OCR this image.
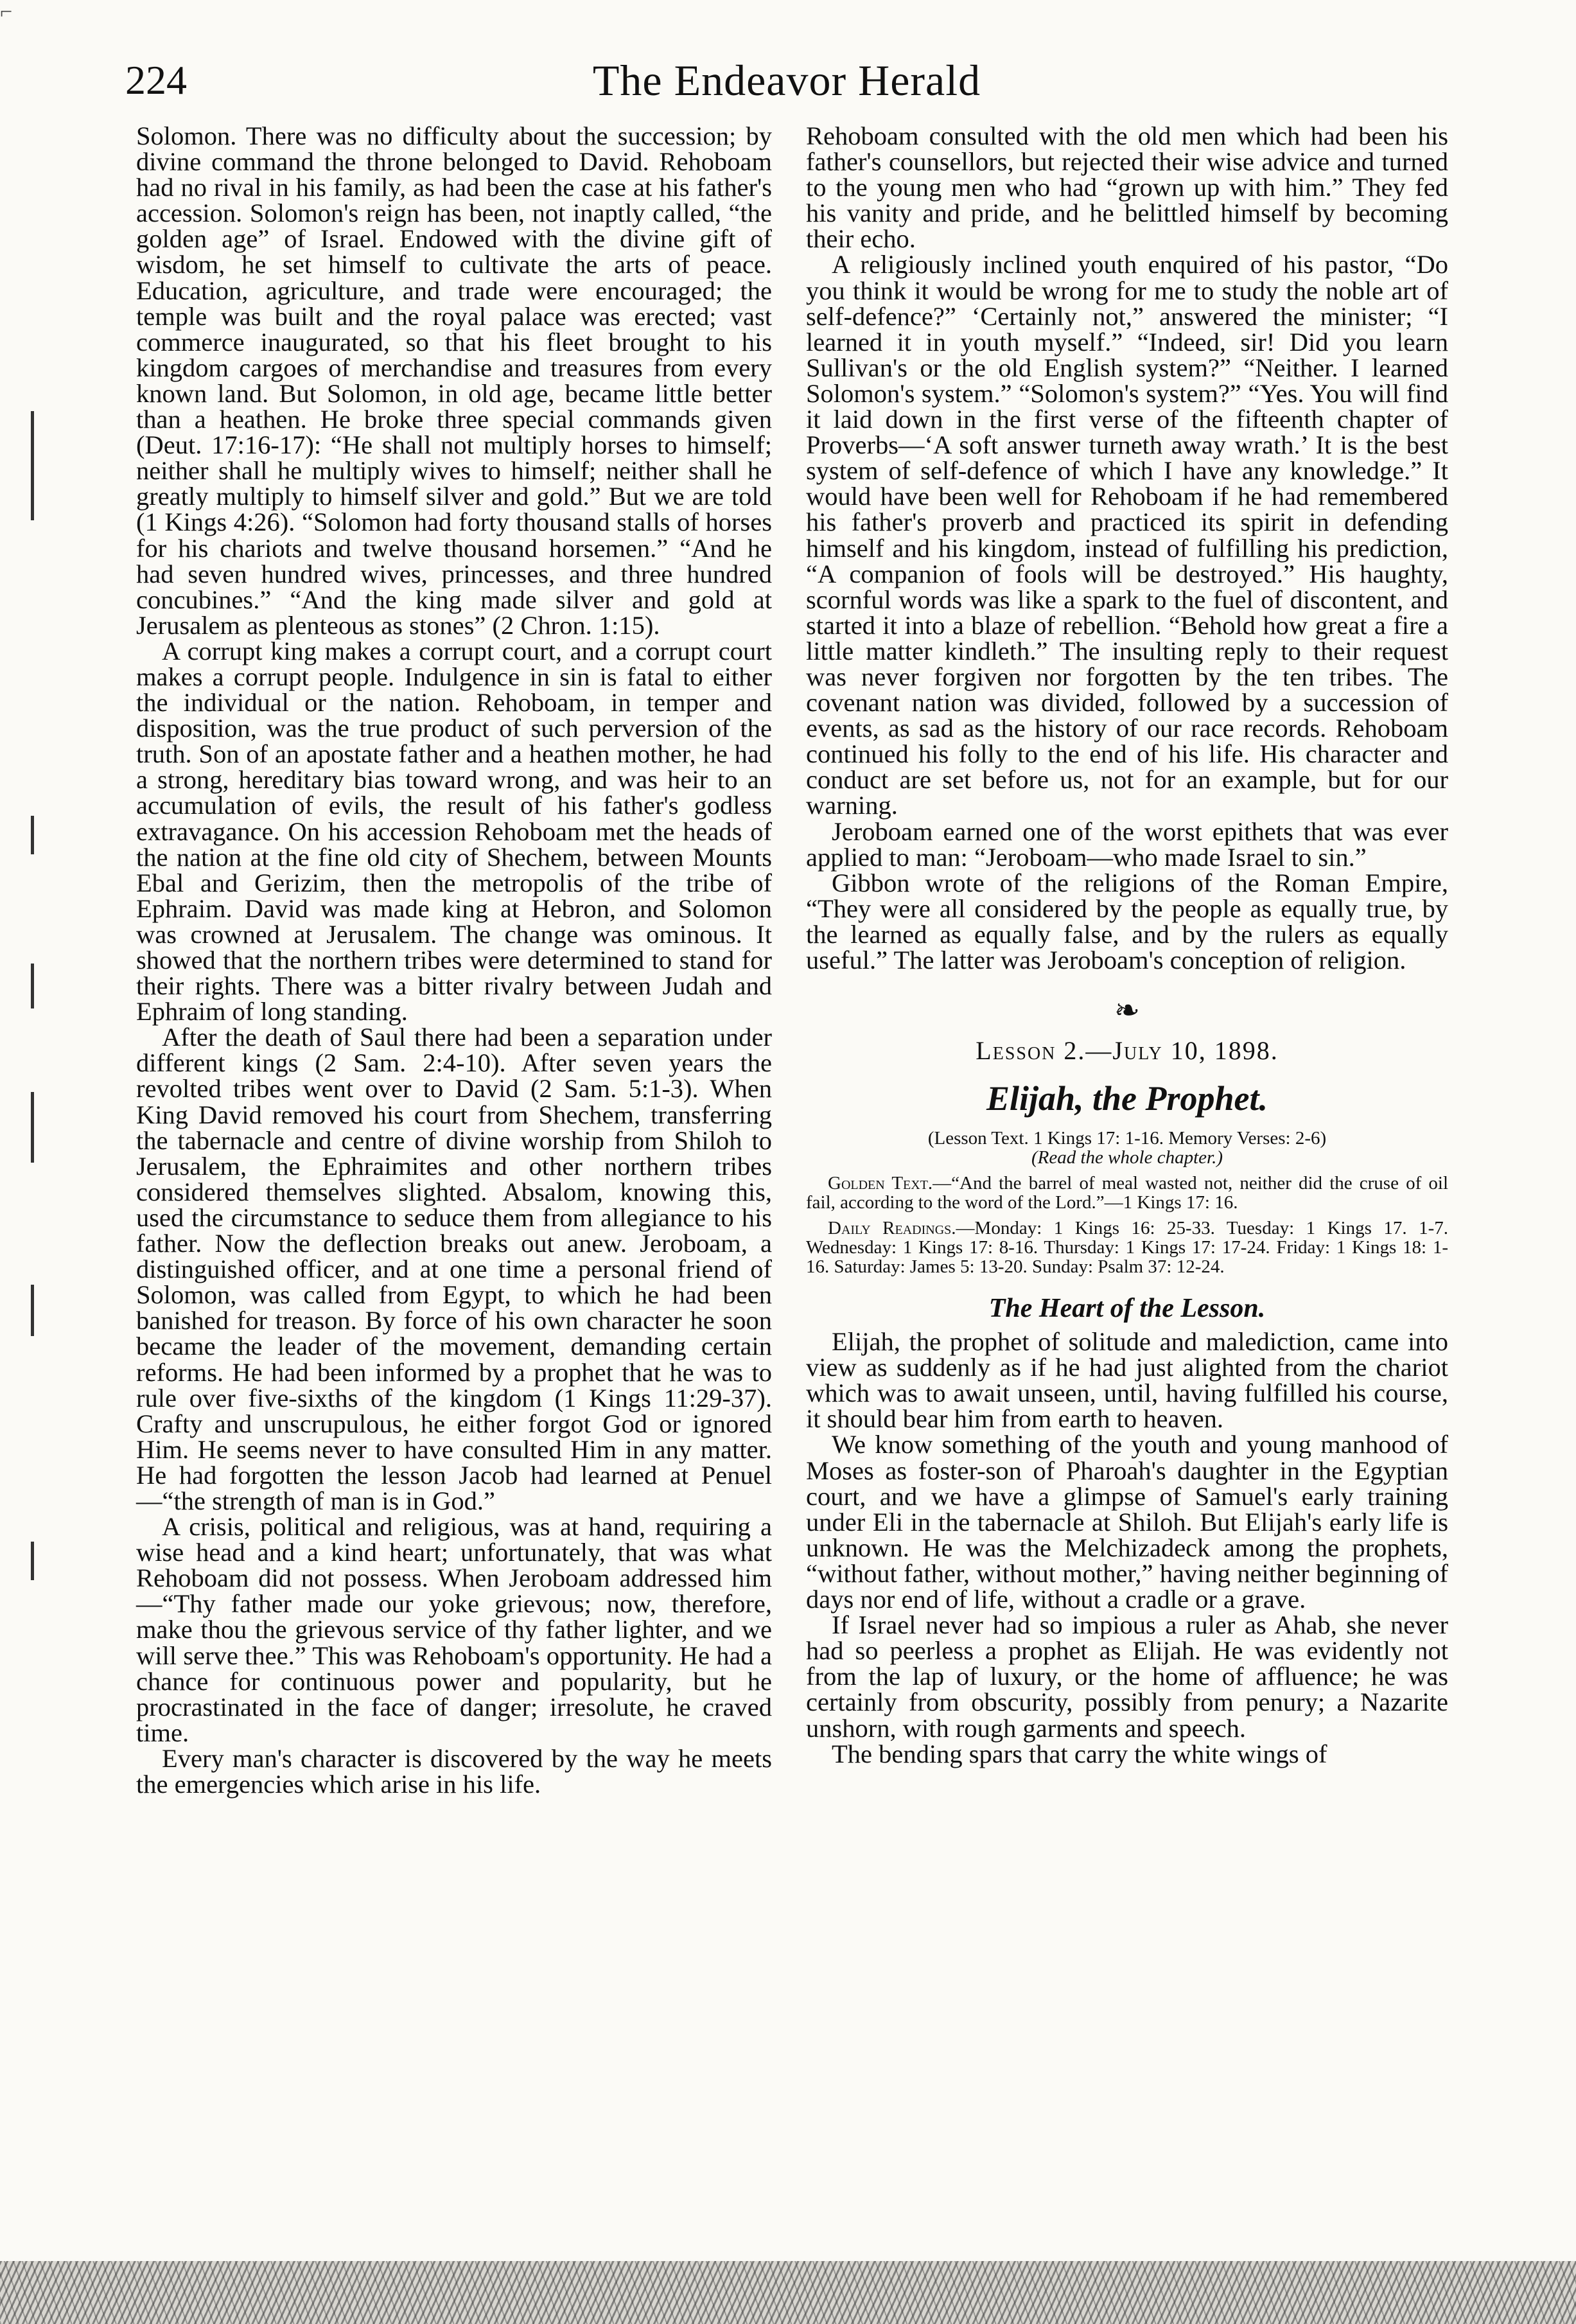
⌐
224	The Endeavor Herald

Solomon. There was no difficulty about the succession; by divine command the throne belonged to David. Rehoboam had no rival in his family, as had been the case at his father's accession. Solomon's reign has been, not inaptly called, “the golden age” of Israel. Endowed with the divine gift of wisdom, he set himself to cultivate the arts of peace. Education, agriculture, and trade were encouraged; the temple was built and the royal palace was erected; vast commerce inaugurated, so that his fleet brought to his kingdom cargoes of merchandise and treasures from every known land. But Solomon, in old age, became little better than a heathen. He broke three special commands given (Deut. 17:16-17): “He shall not multiply horses to himself; neither shall he multiply wives to himself; neither shall he greatly multiply to himself silver and gold.” But we are told (1 Kings 4:26). “Solomon had forty thousand stalls of horses for his chariots and twelve thousand horsemen.” “And he had seven hundred wives, princesses, and three hundred concubines.” “And the king made silver and gold at Jerusalem as plenteous as stones” (2 Chron. 1:15).

A corrupt king makes a corrupt court, and a corrupt court makes a corrupt people. Indulgence in sin is fatal to either the individual or the nation. Rehoboam, in temper and disposition, was the true product of such perversion of the truth. Son of an apostate father and a heathen mother, he had a strong, hereditary bias toward wrong, and was heir to an accumulation of evils, the result of his father's godless extravagance. On his accession Rehoboam met the heads of the nation at the fine old city of Shechem, between Mounts Ebal and Gerizim, then the metropolis of the tribe of Ephraim. David was made king at Hebron, and Solomon was crowned at Jerusalem. The change was ominous. It showed that the northern tribes were determined to stand for their rights. There was a bitter rivalry between Judah and Ephraim of long standing.

After the death of Saul there had been a separation under different kings (2 Sam. 2:4-10). After seven years the revolted tribes went over to David (2 Sam. 5:1-3). When King David removed his court from Shechem, transferring the tabernacle and centre of divine worship from Shiloh to Jerusalem, the Ephraimites and other northern tribes considered themselves slighted. Absalom, knowing this, used the circumstance to seduce them from allegiance to his father. Now the deflection breaks out anew. Jeroboam, a distinguished officer, and at one time a personal friend of Solomon, was called from Egypt, to which he had been banished for treason. By force of his own character he soon became the leader of the movement, demanding certain reforms. He had been informed by a prophet that he was to rule over five-sixths of the kingdom (1 Kings 11:29-37). Crafty and unscrupulous, he either forgot God or ignored Him. He seems never to have consulted Him in any matter. He had forgotten the lesson Jacob had learned at Penuel—“the strength of man is in God.”

A crisis, political and religious, was at hand, requiring a wise head and a kind heart; unfortunately, that was what Rehoboam did not possess. When Jeroboam addressed him—“Thy father made our yoke grievous; now, therefore, make thou the grievous service of thy father lighter, and we will serve thee.” This was Rehoboam's opportunity. He had a chance for continuous power and popularity, but he procrastinated in the face of danger; irresolute, he craved time.

Every man's character is discovered by the way he meets the emergencies which arise in his life.

Rehoboam consulted with the old men which had been his father's counsellors, but rejected their wise advice and turned to the young men who had “grown up with him.” They fed his vanity and pride, and he belittled himself by becoming their echo.

A religiously inclined youth enquired of his pastor, “Do you think it would be wrong for me to study the noble art of self-defence?” ‘Certainly not,” answered the minister; “I learned it in youth myself.” “Indeed, sir! Did you learn Sullivan's or the old English system?” “Neither. I learned Solomon's system.” “Solomon's system?” “Yes. You will find it laid down in the first verse of the fifteenth chapter of Proverbs—‘A soft answer turneth away wrath.’ It is the best system of self-defence of which I have any knowledge.” It would have been well for Rehoboam if he had remembered his father's proverb and practiced its spirit in defending himself and his kingdom, instead of fulfilling his prediction, “A companion of fools will be destroyed.” His haughty, scornful words was like a spark to the fuel of discontent, and started it into a blaze of rebellion. “Behold how great a fire a little matter kindleth.” The insulting reply to their request was never forgiven nor forgotten by the ten tribes. The covenant nation was divided, followed by a succession of events, as sad as the history of our race records. Rehoboam continued his folly to the end of his life. His character and conduct are set before us, not for an example, but for our warning.

Jeroboam earned one of the worst epithets that was ever applied to man: “Jeroboam—who made Israel to sin.”

Gibbon wrote of the religions of the Roman Empire, “They were all considered by the people as equally true, by the learned as equally false, and by the rulers as equally useful.” The latter was Jeroboam's conception of religion.

❧
Lesson 2.—July 10, 1898.
Elijah, the Prophet.
(Lesson Text. 1 Kings 17: 1-16. Memory Verses: 2-6)
(Read the whole chapter.)
Golden Text.—“And the barrel of meal wasted not, neither did the cruse of oil fail, according to the word of the Lord.”—1 Kings 17: 16.
Daily Readings.—Monday: 1 Kings 16: 25-33. Tuesday: 1 Kings 17. 1-7. Wednesday: 1 Kings 17: 8-16. Thursday: 1 Kings 17: 17-24. Friday: 1 Kings 18: 1-16. Saturday: James 5: 13-20. Sunday: Psalm 37: 12-24.
The Heart of the Lesson.

Elijah, the prophet of solitude and malediction, came into view as suddenly as if he had just alighted from the chariot which was to await unseen, until, having fulfilled his course, it should bear him from earth to heaven.

We know something of the youth and young manhood of Moses as foster-son of Pharoah's daughter in the Egyptian court, and we have a glimpse of Samuel's early training under Eli in the tabernacle at Shiloh. But Elijah's early life is unknown. He was the Melchizadeck among the prophets, “without father, without mother,” having neither beginning of days nor end of life, without a cradle or a grave.

If Israel never had so impious a ruler as Ahab, she never had so peerless a prophet as Elijah. He was evidently not from the lap of luxury, or the home of affluence; he was certainly from obscurity, possibly from penury; a Nazarite unshorn, with rough garments and speech.

The bending spars that carry the white wings of
